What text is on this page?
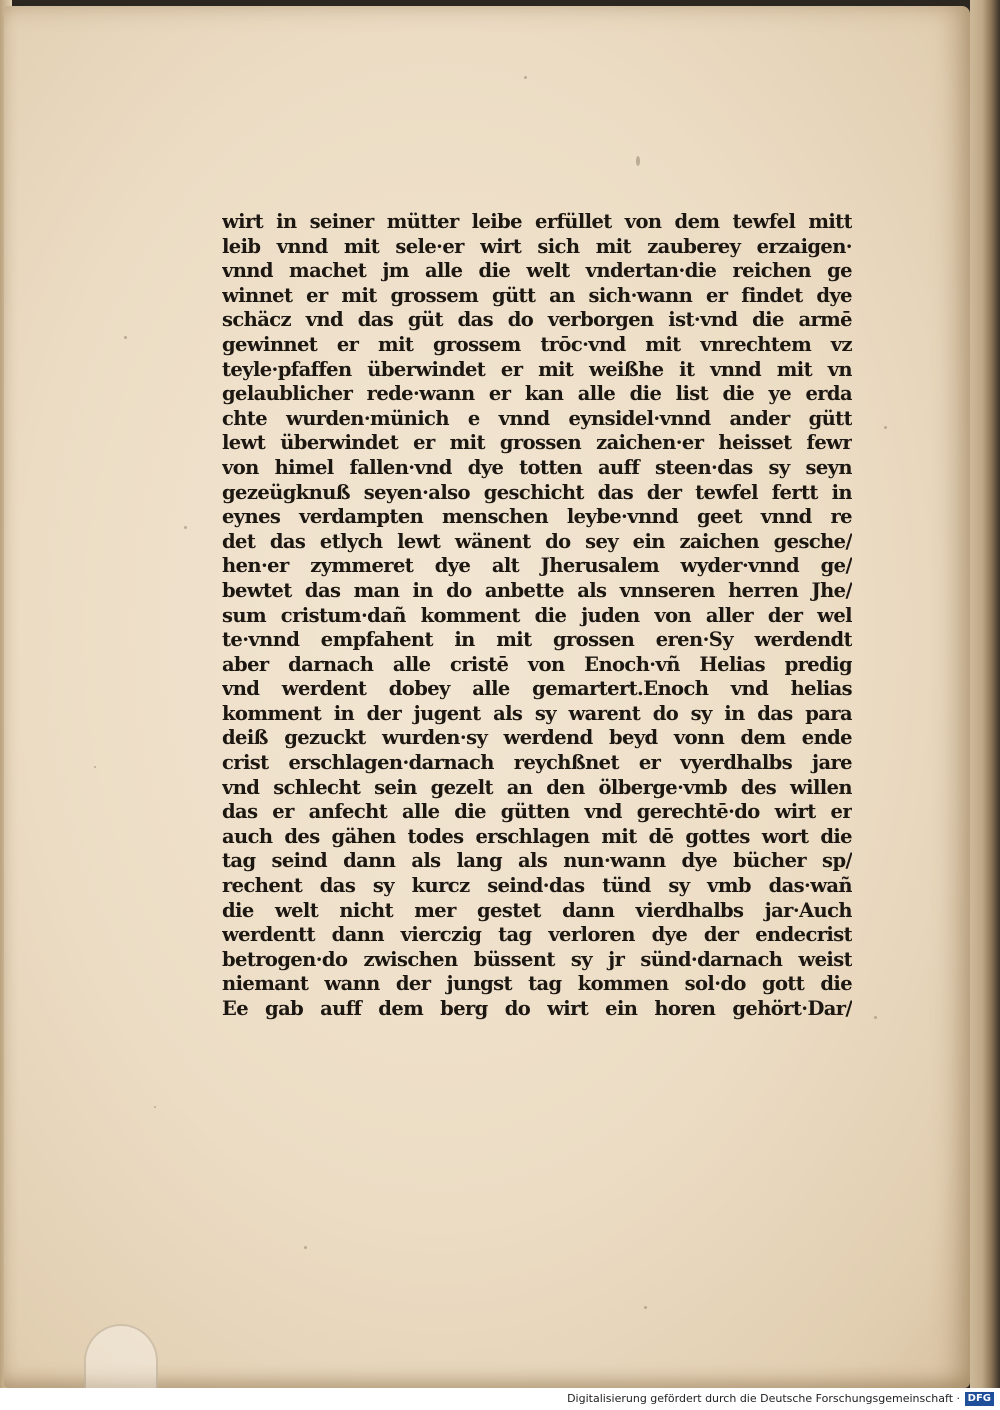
wirt in seiner mütter leibe erfüllet von dem tewfel mitt
leib vnnd mit sele·er wirt sich mit zauberey erzaigen·
vnnd machet jm alle die welt vndertan·die reichen ge
winnet er mit grossem gütt an sich·wann er findet dye
schäcz vnd das güt das do verborgen ist·vnd die armē
gewinnet er mit grossem trōc·vnd mit vnrechtem vz
teyle·pfaffen überwindet er mit weißhe it vnnd mit vn
gelaublicher rede·wann er kan alle die list die ye erda
chte wurden·münich e vnnd eynsidel·vnnd ander gütt
lewt überwindet er mit grossen zaichen·er heisset fewr
von himel fallen·vnd dye totten auff steen·das sy seyn
gezeügknuß seyen·also geschicht das der tewfel fertt in
eynes verdampten menschen leybe·vnnd geet vnnd re
det das etlych lewt wänent do sey ein zaichen gesche/
hen·er zymmeret dye alt Jherusalem wyder·vnnd ge/
bewtet das man in do anbette als vnnseren herren Jhe/
sum cristum·dañ komment die juden von aller der wel
te·vnnd empfahent in mit grossen eren·Sy werdendt
aber darnach alle cristē von Enoch·vñ Helias predig
vnd werdent dobey alle gemartert.Enoch vnd helias
komment in der jugent als sy warent do sy in das para
deiß gezuckt wurden·sy werdend beyd vonn dem ende
crist erschlagen·darnach reychßnet er vyerdhalbs jare
vnd schlecht sein gezelt an den ölberge·vmb des willen
das er anfecht alle die gütten vnd gerechtē·do wirt er
auch des gähen todes erschlagen mit dē gottes wort die
tag seind dann als lang als nun·wann dye bücher sp/
rechent das sy kurcz seind·das tünd sy vmb das·wañ
die welt nicht mer gestet dann vierdhalbs jar·Auch
werdentt dann vierczig tag verloren dye der endecrist
betrogen·do zwischen büssent sy jr sünd·darnach weist
niemant wann der jungst tag kommen sol·do gott die
Ee gab auff dem berg do wirt ein horen gehört·Dar/
Digitalisierung gefördert durch die Deutsche Forschungsgemeinschaft · DFG
